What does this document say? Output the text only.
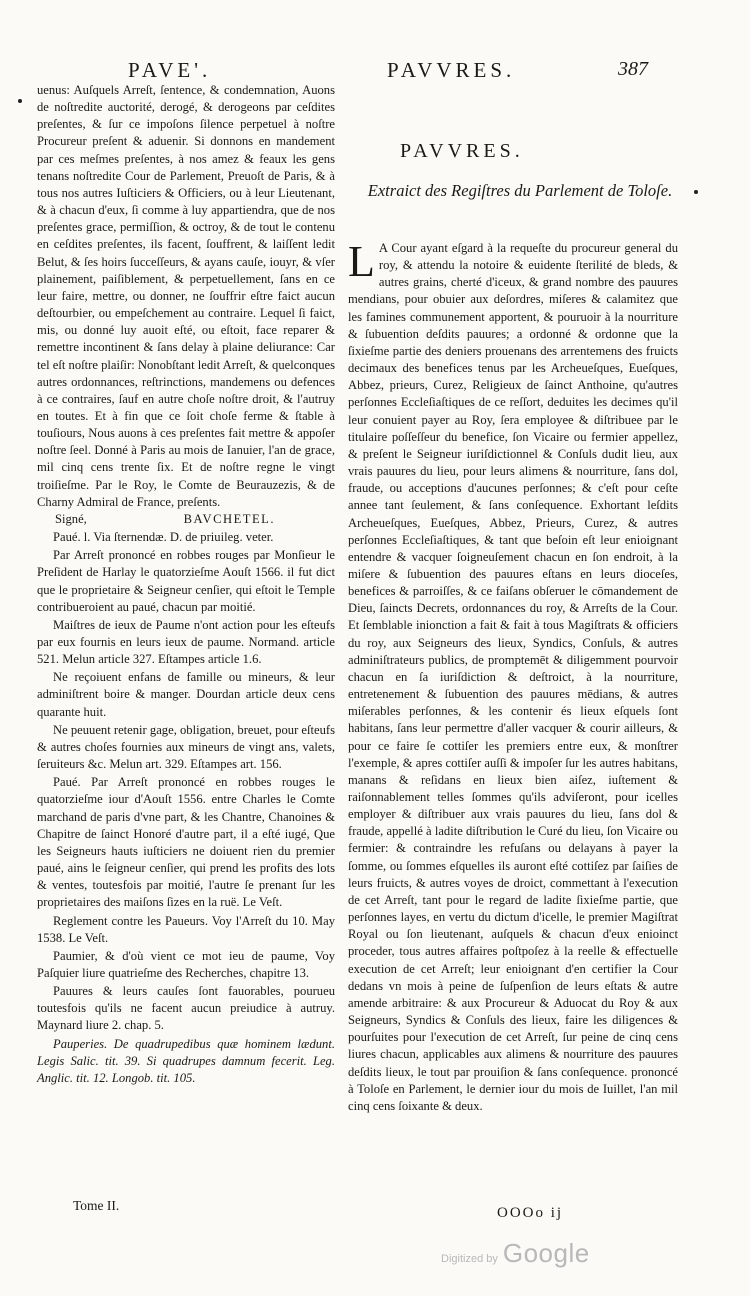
PAVE'.	PAVVRES.	387

uenus: Auſquels Arreſt, ſentence, & condemnation, Auons de noſtredite auctorité, derogé, & derogeons par ceſdites preſentes, & ſur ce impoſons ſilence perpetuel à noſtre Procureur preſent & aduenir. Si donnons en mandement par ces meſmes preſentes, à nos amez & feaux les gens tenans noſtredite Cour de Parlement, Preuoſt de Paris, & à tous nos autres Iuſticiers & Officiers, ou à leur Lieutenant, & à chacun d'eux, ſi comme à luy appartiendra, que de nos preſentes grace, permiſſion, & octroy, & de tout le contenu en ceſdites preſentes, ils facent, ſouffrent, & laiſſent ledit Belut, & ſes hoirs ſucceſſeurs, & ayans cauſe, iouyr, & vſer plainement, paiſiblement, & perpetuellement, ſans en ce leur faire, mettre, ou donner, ne ſouffrir eſtre faict aucun deſtourbier, ou empeſchement au contraire. Lequel ſi faict, mis, ou donné luy auoit eſté, ou eſtoit, face reparer & remettre incontinent & ſans delay à plaine deliurance: Car tel eſt noſtre plaiſir: Nonobſtant ledit Arreſt, & quelconques autres ordonnances, reſtrinctions, mandemens ou defences à ce contraires, ſauf en autre choſe noſtre droit, & l'autruy en toutes. Et à fin que ce ſoit choſe ferme & ſtable à touſiours, Nous auons à ces preſentes fait mettre & appoſer noſtre ſeel. Donné à Paris au mois de Ianuier, l'an de grace, mil cinq cens trente ſix. Et de noſtre regne le vingt troiſieſme. Par le Roy, le Comte de Beurauzezis, & de Charny Admiral de France, preſents.

Signé,	BAVCHETEL.

Paué. l. Via ſternendæ. D. de priuileg. veter.

Par Arreſt prononcé en robbes rouges par Monſieur le Preſident de Harlay le quatorzieſme Aouſt 1566. il fut dict que le proprietaire & Seigneur cenſier, qui eſtoit le Temple contribueroient au paué, chacun par moitié.

Maiſtres de ieux de Paume n'ont action pour les eſteufs par eux fournis en leurs ieux de paume. Normand. article 521. Melun article 327. Eſtampes article 1.6.

Ne reçoiuent enfans de famille ou mineurs, & leur adminiſtrent boire & manger. Dourdan article deux cens quarante huit.

Ne peuuent retenir gage, obligation, breuet, pour eſteufs & autres choſes fournies aux mineurs de vingt ans, valets, ſeruiteurs &c. Melun art. 329. Eſtampes art. 156.

Paué. Par Arreſt prononcé en robbes rouges le quatorzieſme iour d'Aouſt 1556. entre Charles le Comte marchand de paris d'vne part, & les Chantre, Chanoines & Chapitre de ſainct Honoré d'autre part, il a eſté iugé, Que les Seigneurs hauts iuſticiers ne doiuent rien du premier paué, ains le ſeigneur cenſier, qui prend les profits des lots & ventes, toutesfois par moitié, l'autre ſe prenant ſur les proprietaires des maiſons ſizes en la ruë. Le Veſt.

Reglement contre les Paueurs. Voy l'Arreſt du 10. May 1538. Le Veſt.

Paumier, & d'où vient ce mot ieu de paume, Voy Paſquier liure quatrieſme des Recherches, chapitre 13.

Pauures & leurs cauſes ſont fauorables, pourueu toutesfois qu'ils ne facent aucun preiudice à autruy. Maynard liure 2. chap. 5.

Pauperies. De quadrupedibus quæ hominem lædunt. Legis Salic. tit. 39. Si quadrupes damnum fecerit. Leg. Anglic. tit. 12. Longob. tit. 105.

Tome II.
PAVVRES.
Extraict des Regiſtres du Parlement de Toloſe.
L A Cour ayant eſgard à la requeſte du procureur general du roy, & attendu la notoire & euidente ſterilité de bleds, & autres grains, cherté d'iceux, & grand nombre des pauures mendians, pour obuier aux deſordres, miſeres & calamitez que les famines communement apportent, & pouruoir à la nourriture & ſubuention deſdits pauures; a ordonné & ordonne que la ſixieſme partie des deniers prouenans des arrentemens des fruicts decimaux des benefices tenus par les Archeueſques, Eueſques, Abbez, prieurs, Curez, Religieux de ſainct Anthoine, qu'autres perſonnes Eccleſiaſtiques de ce reſſort, deduites les decimes qu'il leur conuient payer au Roy, ſera employee & diſtribuee par le titulaire poſſeſſeur du benefice, ſon Vicaire ou fermier appellez, & preſent le Seigneur iuriſdictionnel & Conſuls dudit lieu, aux vrais pauures du lieu, pour leurs alimens & nourriture, ſans dol, fraude, ou acceptions d'aucunes perſonnes; & c'eſt pour ceſte annee tant ſeulement, & ſans conſequence. Exhortant leſdits Archeueſques, Eueſques, Abbez, Prieurs, Curez, & autres perſonnes Eccleſiaſtiques, & tant que beſoin eſt leur enioignant entendre & vacquer ſoigneuſement chacun en ſon endroit, à la miſere & ſubuention des pauures eſtans en leurs dioceſes, benefices & parroiſſes, & ce faiſans obſeruer le cōmandement de Dieu, ſaincts Decrets, ordonnances du roy, & Arreſts de la Cour. Et ſemblable inionction a fait & fait à tous Magiſtrats & officiers du roy, aux Seigneurs des lieux, Syndics, Conſuls, & autres adminiſtrateurs publics, de promptemēt & diligemment pourvoir chacun en ſa iuriſdiction & deſtroict, à la nourriture, entretenement & ſubuention des pauures mēdians, & autres miſerables perſonnes, & les contenir és lieux eſquels ſont habitans, ſans leur permettre d'aller vacquer & courir ailleurs, & pour ce faire ſe cottiſer les premiers entre eux, & monſtrer l'exemple, & apres cottiſer auſſi & impoſer ſur les autres habitans, manans & reſidans en lieux bien aiſez, iuſtement & raiſonnablement telles ſommes qu'ils adviſeront, pour icelles employer & diſtribuer aux vrais pauures du lieu, ſans dol & fraude, appellé à ladite diſtribution le Curé du lieu, ſon Vicaire ou fermier: & contraindre les refuſans ou delayans à payer la ſomme, ou ſommes eſquelles ils auront eſté cottiſez par ſaiſies de leurs fruicts, & autres voyes de droict, commettant à l'execution de cet Arreſt, tant pour le regard de ladite ſixieſme partie, que perſonnes layes, en vertu du dictum d'icelle, le premier Magiſtrat Royal ou ſon lieutenant, auſquels & chacun d'eux enioinct proceder, tous autres affaires poſtpoſez à la reelle & effectuelle execution de cet Arreſt; leur enioignant d'en certifier la Cour dedans vn mois à peine de ſuſpenſion de leurs eſtats & autre amende arbitraire: & aux Procureur & Aduocat du Roy & aux Seigneurs, Syndics & Conſuls des lieux, faire les diligences & pourſuites pour l'execution de cet Arreſt, ſur peine de cinq cens liures chacun, applicables aux alimens & nourriture des pauures deſdits lieux, le tout par prouiſion & ſans conſequence. prononcé à Toloſe en Parlement, le dernier iour du mois de Iuillet, l'an mil cinq cens ſoixante & deux.

OOOo ij
Digitized by Google
